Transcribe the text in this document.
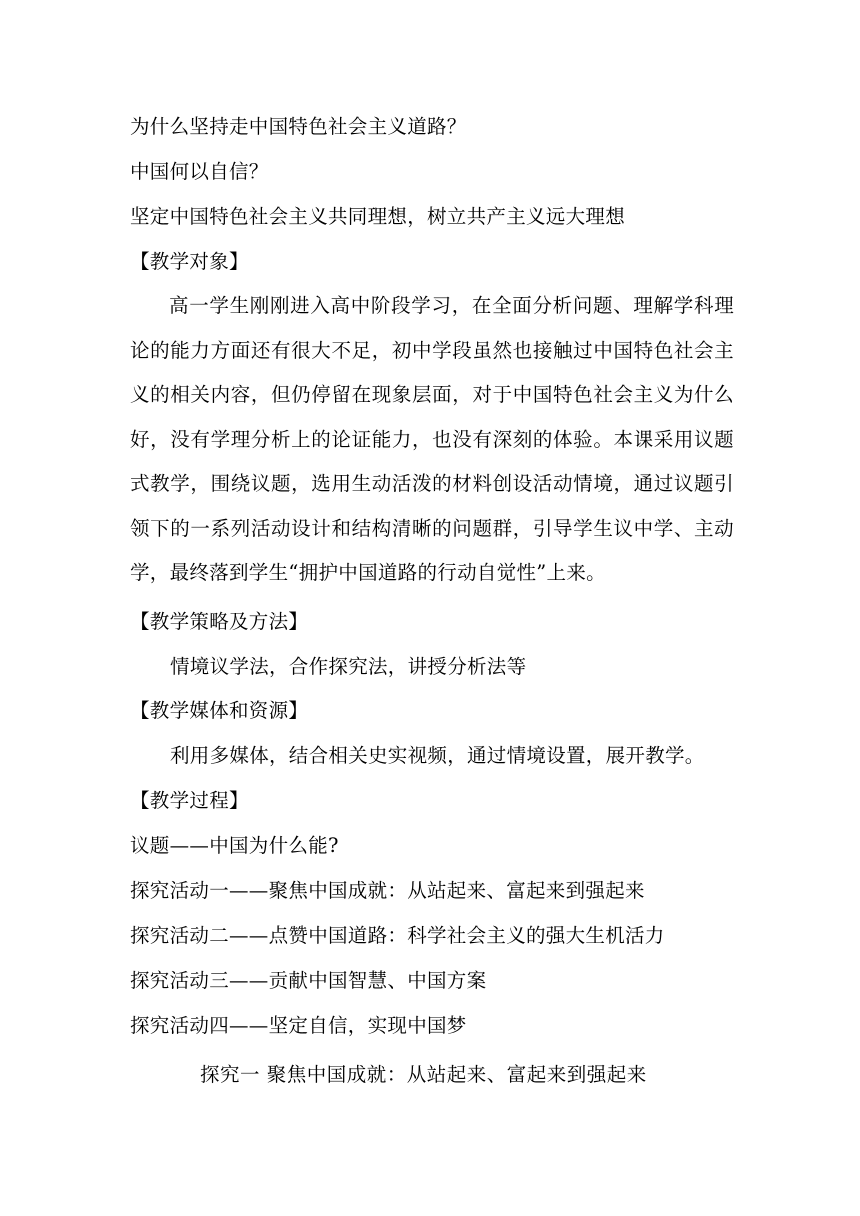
为什么坚持走中国特色社会主义道路？
中国何以自信？
坚定中国特色社会主义共同理想，树立共产主义远大理想
【教学对象】
高一学生刚刚进入高中阶段学习，在全面分析问题、理解学科理论的能力方面还有很大不足，初中学段虽然也接触过中国特色社会主义的相关内容，但仍停留在现象层面，对于中国特色社会主义为什么好，没有学理分析上的论证能力，也没有深刻的体验。本课采用议题式教学，围绕议题，选用生动活泼的材料创设活动情境，通过议题引领下的一系列活动设计和结构清晰的问题群，引导学生议中学、主动学，最终落到学生“拥护中国道路的行动自觉性”上来。
【教学策略及方法】
情境议学法，合作探究法，讲授分析法等
【教学媒体和资源】
利用多媒体，结合相关史实视频，通过情境设置，展开教学。
【教学过程】
议题——中国为什么能?
探究活动一——聚焦中国成就：从站起来、富起来到强起来
探究活动二——点赞中国道路：科学社会主义的强大生机活力
探究活动三——贡献中国智慧、中国方案
探究活动四——坚定自信，实现中国梦
探究一 聚焦中国成就：从站起来、富起来到强起来
